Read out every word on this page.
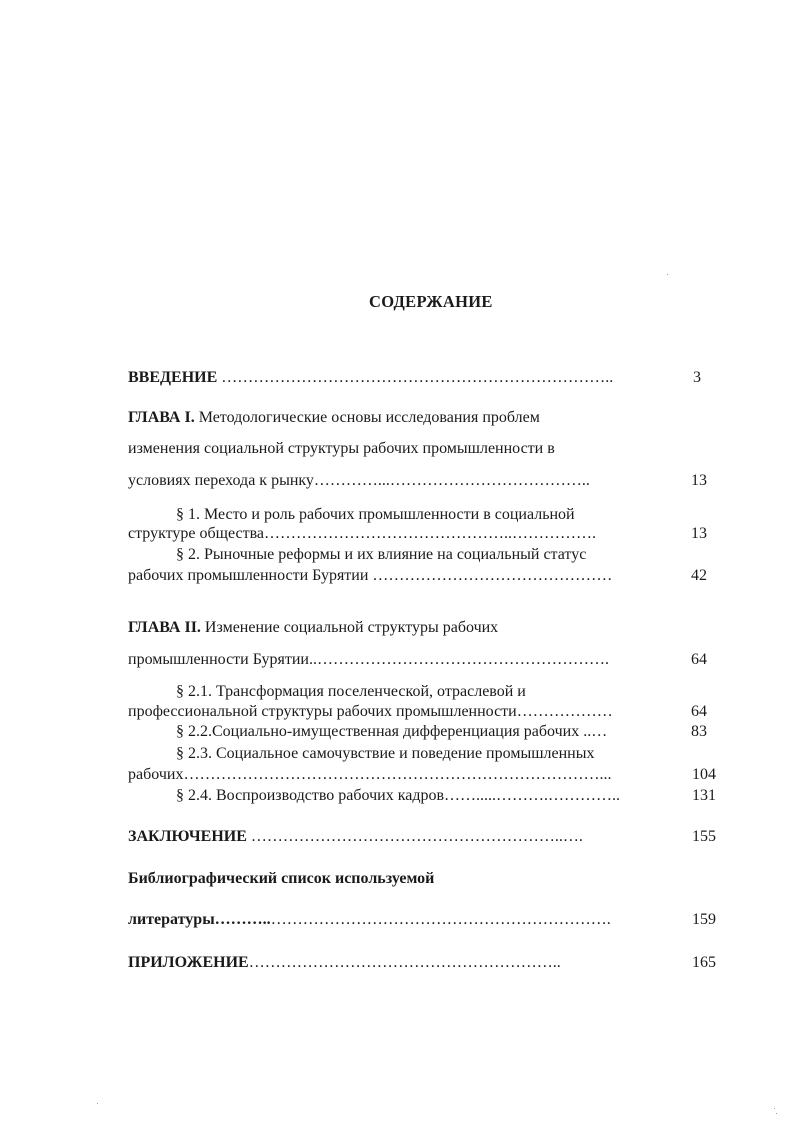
СОДЕРЖАНИЕ
ВВЕДЕНИЕ ………………………………………………………………..	3
ГЛАВА I. Методологические основы исследования проблем
изменения социальной структуры рабочих промышленности в
условиях перехода к рынку…………...………………………………..	13
§ 1. Место и роль рабочих промышленности в социальной
структуре общества………………………………………..…………….	13
§ 2. Рыночные реформы и их влияние на социальный статус
рабочих промышленности Бурятии ………………………………………	42
ГЛАВА II. Изменение социальной структуры рабочих
промышленности Бурятии..……………………………………………….	64
§ 2.1. Трансформация поселенческой, отраслевой и
профессиональной структуры рабочих промышленности………………	64
§ 2.2.Социально-имущественная дифференциация рабочих ..…	83
§ 2.3. Социальное самочувствие и поведение промышленных
рабочих……………………………………………………………………...	104
§ 2.4. Воспроизводство рабочих кадров…….....……….…………..	131
ЗАКЛЮЧЕНИЕ …………………………………………………..….	155
Библиографический список используемой
литературы………..……………………………………………………….	159
ПРИЛОЖЕНИЕ…………………………………………………..	165
